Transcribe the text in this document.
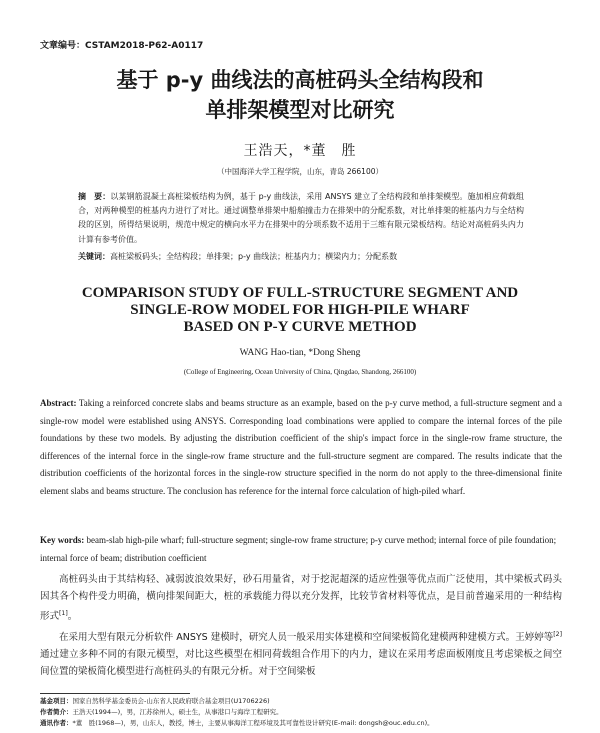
文章编号：CSTAM2018-P62-A0117
基于 p-y 曲线法的高桩码头全结构段和
单排架模型对比研究
王浩天，*董　胜
（中国海洋大学工程学院，山东，青岛 266100）
摘　要：以某钢筋混凝土高桩梁板结构为例，基于 p-y 曲线法，采用 ANSYS 建立了全结构段和单排架模型。施加相应荷载组合，对两种模型的桩基内力进行了对比。通过调整单排架中船舶撞击力在排架中的分配系数，对比单排架的桩基内力与全结构段的区别，所得结果说明，规范中规定的横向水平力在排架中的分项系数不适用于三维有限元梁板结构。结论对高桩码头内力计算有参考价值。
关键词：高桩梁板码头；全结构段；单排架；p-y 曲线法；桩基内力；横梁内力；分配系数
COMPARISON STUDY OF FULL-STRUCTURE SEGMENT AND
SINGLE-ROW MODEL FOR HIGH-PILE WHARF
BASED ON P-Y CURVE METHOD
WANG Hao-tian, *Dong Sheng
(College of Engineering, Ocean University of China, Qingdao, Shandong, 266100)
Abstract: Taking a reinforced concrete slabs and beams structure as an example, based on the p-y curve method, a full-structure segment and a single-row model were established using ANSYS. Corresponding load combinations were applied to compare the internal forces of the pile foundations by these two models. By adjusting the distribution coefficient of the ship's impact force in the single-row frame structure, the differences of the internal force in the single-row frame structure and the full-structure segment are compared. The results indicate that the distribution coefficients of the horizontal forces in the single-row structure specified in the norm do not apply to the three-dimensional finite element slabs and beams structure. The conclusion has reference for the internal force calculation of high-piled wharf.
Key words: beam-slab high-pile wharf; full-structure segment; single-row frame structure; p-y curve method; internal force of pile foundation; internal force of beam; distribution coefficient
高桩码头由于其结构轻、减弱波浪效果好，砂石用量省，对于挖泥超深的适应性强等优点而广泛使用，其中梁板式码头因其各个构件受力明确，横向排架间距大，桩的承载能力得以充分发挥，比较节省材料等优点，是目前普遍采用的一种结构形式[1]。
在采用大型有限元分析软件 ANSYS 建模时，研究人员一般采用实体建模和空间梁板简化建模两种建模方式。王婷婷等[2]通过建立多种不同的有限元模型，对比这些模型在相同荷载组合作用下的内力，建议在采用考虑面板刚度且考虑梁板之间空间位置的梁板简化模型进行高桩码头的有限元分析。对于空间梁板
基金项目：国家自然科学基金委员会-山东省人民政府联合基金项目(U1706226)
作者简介：王浩天(1994—)，男，江苏徐州人，硕士生，从事港口与海岸工程研究。
通讯作者：*董　胜(1968—)，男，山东人，教授，博士，主要从事海洋工程环境及其可靠性设计研究(E-mail: dongsh@ouc.edu.cn)。
